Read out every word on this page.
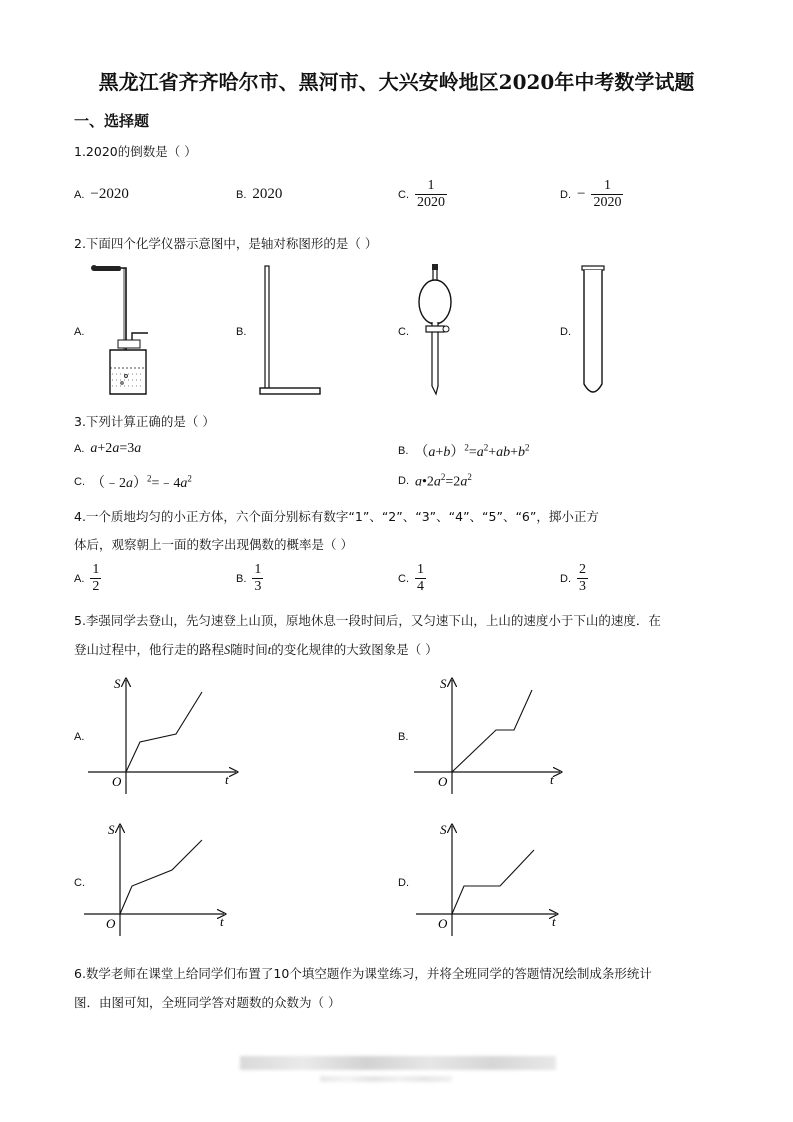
黑龙江省齐齐哈尔市、黑河市、大兴安岭地区2020年中考数学试题
一、选择题
1.2020的倒数是（ ）
A. −2020	B. 2020	C. $\frac{1}{2020}$	D. − $\frac{1}{2020}$
2.下面四个化学仪器示意图中，是轴对称图形的是（ ）
A.	B.	C.	D.
3.下列计算正确的是（ ）
A. a+2a=3a	B. $(a+b)^2=a^2+ab+b^2$
C. $(﹣2a)^2=﹣4a^2$	D. $a•2a^2=2a^2$
4.一个质地均匀的小正方体，六个面分别标有数字“1”、“2”、“3”、“4”、“5”、“6”，掷小正方
体后，观察朝上一面的数字出现偶数的概率是（ ）
A. $\frac{1}{2}$	B. $\frac{1}{3}$	C. $\frac{1}{4}$	D. $\frac{2}{3}$
5.李强同学去登山，先匀速登上山顶，原地休息一段时间后，又匀速下山，上山的速度小于下山的速度．在
登山过程中，他行走的路程S随时间t的变化规律的大致图象是（ ）
A.	B.
C.	D.
S
t
O
S
t
O
S
t
O
S
t
O
6.数学老师在课堂上给同学们布置了10个填空题作为课堂练习，并将全班同学的答题情况绘制成条形统计
图．由图可知，全班同学答对题数的众数为（ ）
